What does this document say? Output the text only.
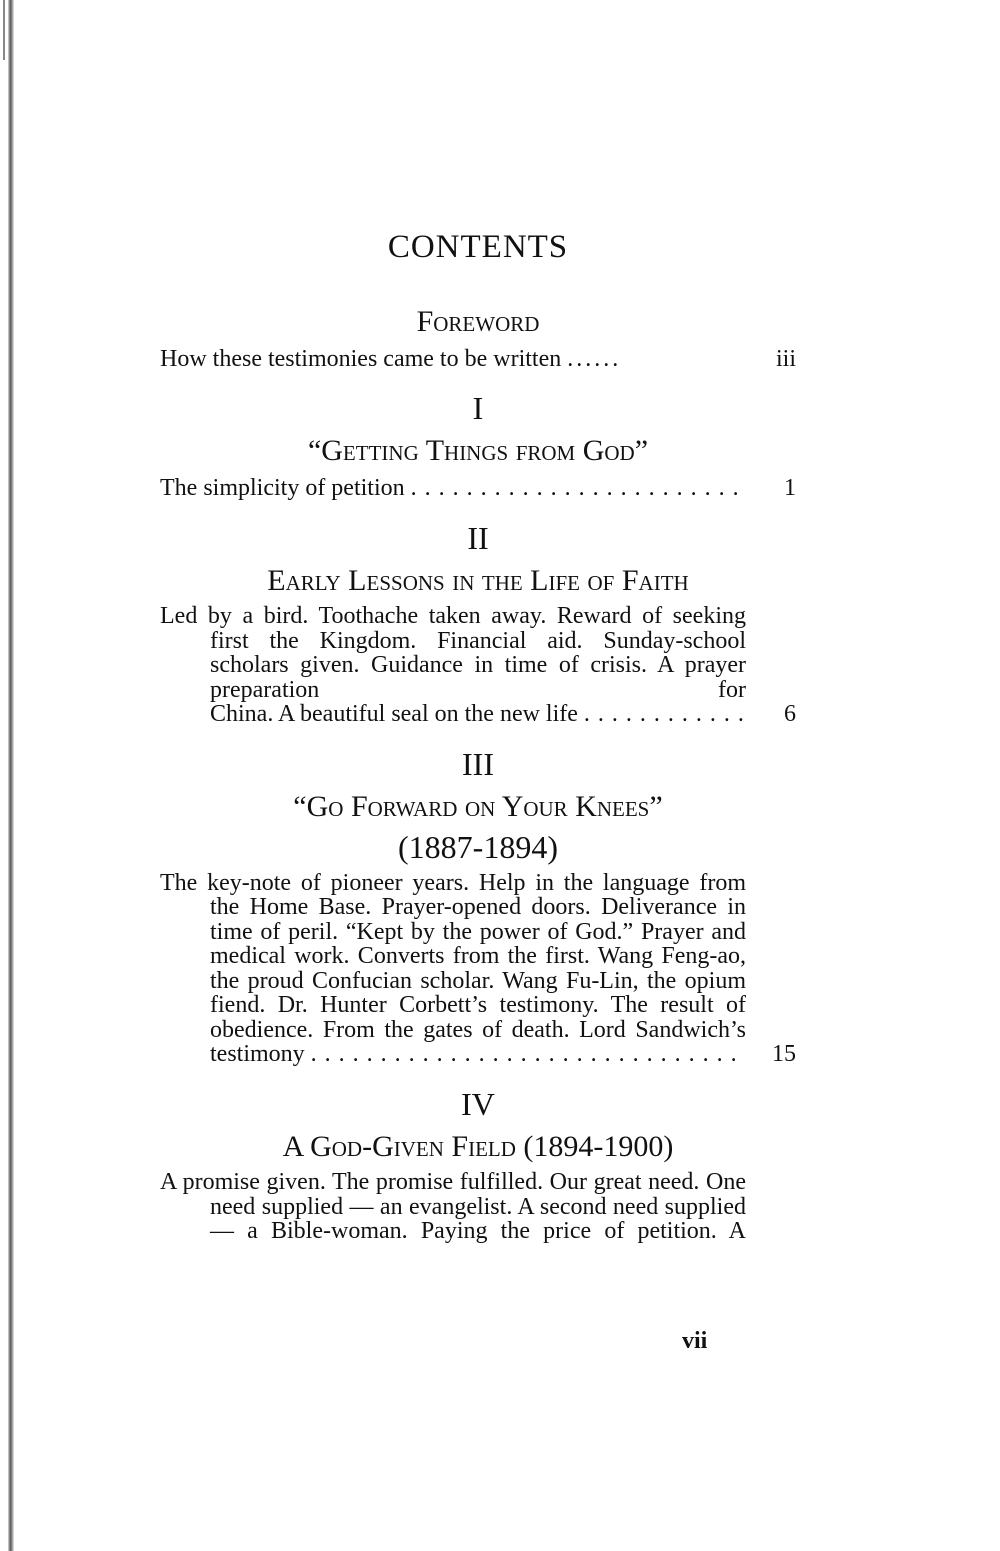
CONTENTS

Foreword

How these testimonies came to be written ......	iii

I

“Getting Things from God”

The simplicity of petition . . .	1

II

Early Lessons in the Life of Faith

Led by a bird. Toothache taken away. Reward of seeking first the Kingdom. Financial aid. Sunday-school scholars given. Guidance in time of crisis. A prayer preparation for
China. A beautiful seal on the new life . . .	6

III

“Go Forward on Your Knees”

(1887-1894)

The key-note of pioneer years. Help in the language from the Home Base. Prayer-opened doors. Deliverance in time of peril. “Kept by the power of God.” Prayer and medical work. Converts from the first. Wang Feng-ao, the proud Confucian scholar. Wang Fu-Lin, the opium fiend. Dr. Hunter Corbett’s testimony. The result of obedience. From the gates of death. Lord Sandwich’s
testimony . . .	15

IV

A God-Given Field (1894-1900)

A promise given. The promise fulfilled. Our great need. One need supplied — an evangelist. A second need supplied — a Bible-woman. Paying the price of petition. A
vii
